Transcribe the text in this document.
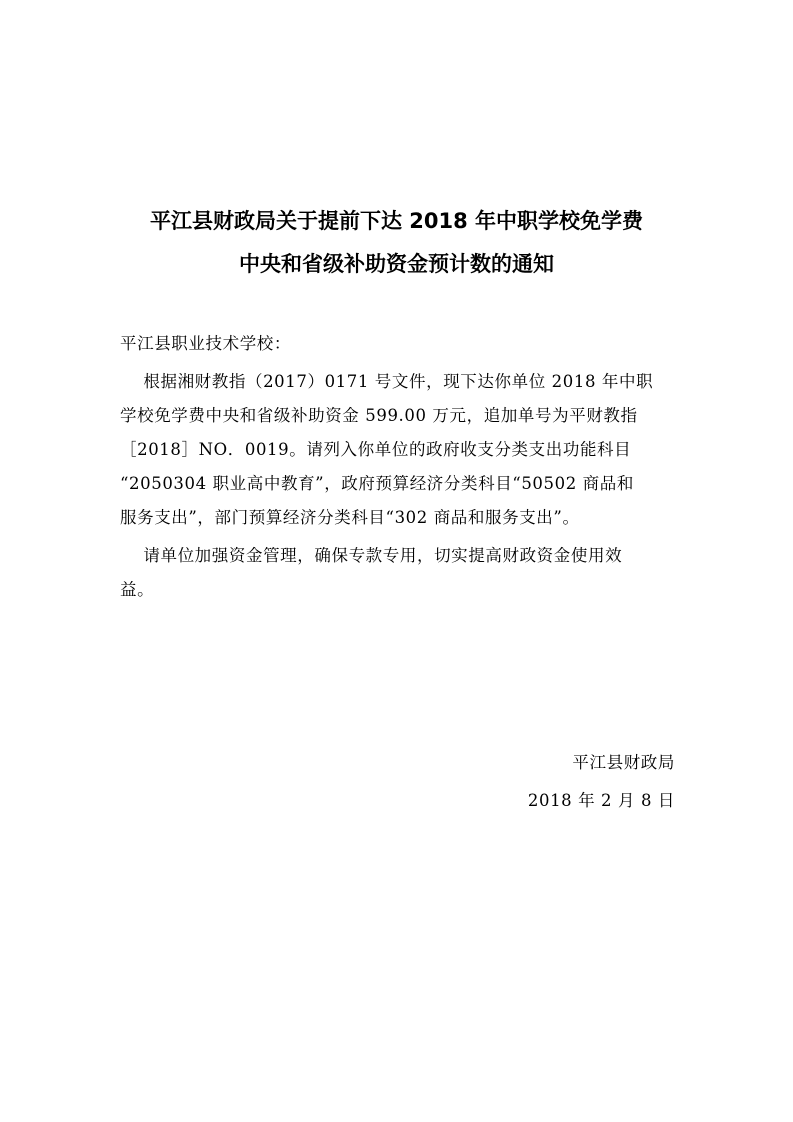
平江县财政局关于提前下达 2018 年中职学校免学费
中央和省级补助资金预计数的通知
平江县职业技术学校：
根据湘财教指（2017）0171 号文件，现下达你单位 2018 年中职
学校免学费中央和省级补助资金 599.00 万元，追加单号为平财教指
［2018］NO．0019。请列入你单位的政府收支分类支出功能科目
“2050304 职业高中教育”，政府预算经济分类科目“50502 商品和
服务支出”，部门预算经济分类科目“302 商品和服务支出”。
请单位加强资金管理，确保专款专用，切实提高财政资金使用效
益。
平江县财政局
2018 年 2 月 8 日
